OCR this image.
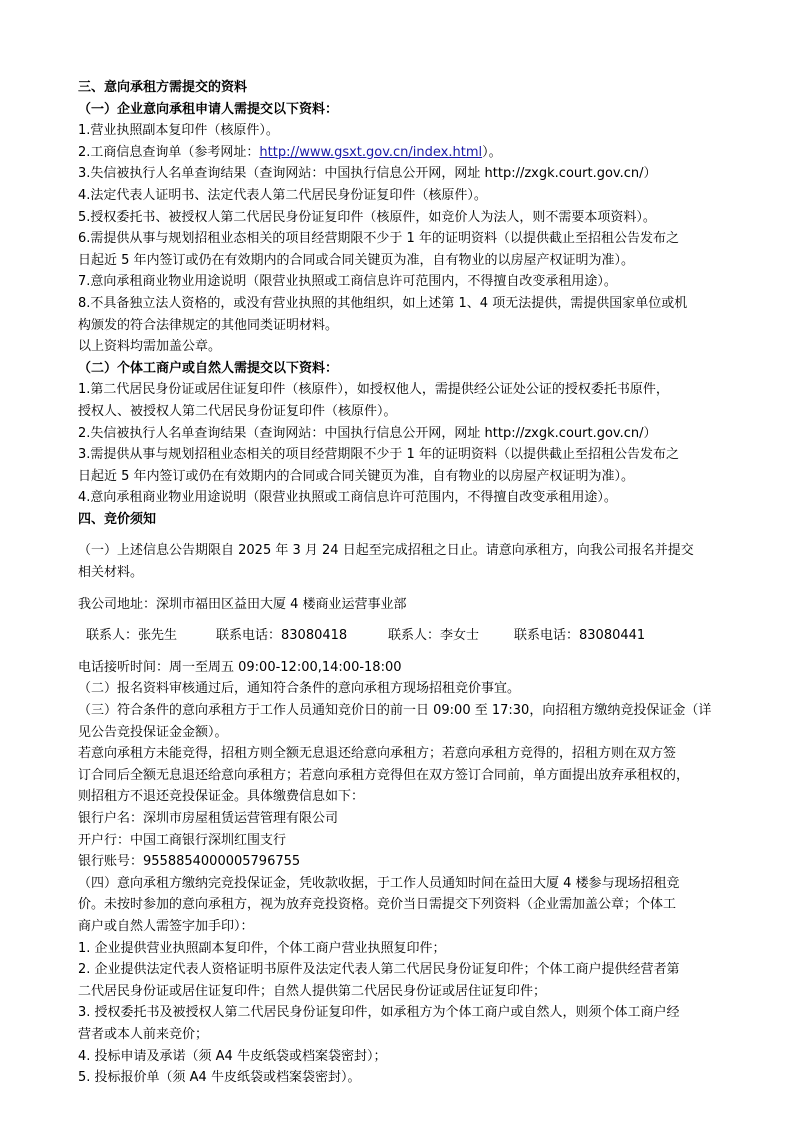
三、意向承租方需提交的资料
（一）企业意向承租申请人需提交以下资料：
1.营业执照副本复印件（核原件）。
2.工商信息查询单（参考网址：http://www.gsxt.gov.cn/index.html）。
3.失信被执行人名单查询结果（查询网站：中国执行信息公开网，网址 http://zxgk.court.gov.cn/）
4.法定代表人证明书、法定代表人第二代居民身份证复印件（核原件）。
5.授权委托书、被授权人第二代居民身份证复印件（核原件，如竞价人为法人，则不需要本项资料）。
6.需提供从事与规划招租业态相关的项目经营期限不少于 1 年的证明资料（以提供截止至招租公告发布之
日起近 5 年内签订或仍在有效期内的合同或合同关键页为准，自有物业的以房屋产权证明为准）。
7.意向承租商业物业用途说明（限营业执照或工商信息许可范围内，不得擅自改变承租用途）。
8.不具备独立法人资格的，或没有营业执照的其他组织，如上述第 1、4 项无法提供，需提供国家单位或机
构颁发的符合法律规定的其他同类证明材料。
以上资料均需加盖公章。
（二）个体工商户或自然人需提交以下资料：
1.第二代居民身份证或居住证复印件（核原件），如授权他人，需提供经公证处公证的授权委托书原件，
授权人、被授权人第二代居民身份证复印件（核原件）。
2.失信被执行人名单查询结果（查询网站：中国执行信息公开网，网址 http://zxgk.court.gov.cn/）
3.需提供从事与规划招租业态相关的项目经营期限不少于 1 年的证明资料（以提供截止至招租公告发布之
日起近 5 年内签订或仍在有效期内的合同或合同关键页为准，自有物业的以房屋产权证明为准）。
4.意向承租商业物业用途说明（限营业执照或工商信息许可范围内，不得擅自改变承租用途）。
四、竞价须知
（一）上述信息公告期限自 2025 年 3 月 24 日起至完成招租之日止。请意向承租方，向我公司报名并提交
相关材料。
我公司地址：深圳市福田区益田大厦 4 楼商业运营事业部
联系人：张先生	联系电话：83080418	联系人：李女士	联系电话：83080441
电话接听时间：周一至周五 09:00-12:00,14:00-18:00
（二）报名资料审核通过后，通知符合条件的意向承租方现场招租竞价事宜。
（三）符合条件的意向承租方于工作人员通知竞价日的前一日 09:00 至 17:30，向招租方缴纳竞投保证金（详
见公告竞投保证金金额）。
若意向承租方未能竞得，招租方则全额无息退还给意向承租方；若意向承租方竞得的，招租方则在双方签
订合同后全额无息退还给意向承租方；若意向承租方竞得但在双方签订合同前，单方面提出放弃承租权的，
则招租方不退还竞投保证金。具体缴费信息如下：
银行户名：深圳市房屋租赁运营管理有限公司
开户行：中国工商银行深圳红围支行
银行账号：9558854000005796755
（四）意向承租方缴纳完竞投保证金，凭收款收据，于工作人员通知时间在益田大厦 4 楼参与现场招租竞
价。未按时参加的意向承租方，视为放弃竞投资格。竞价当日需提交下列资料（企业需加盖公章；个体工
商户或自然人需签字加手印）：
1. 企业提供营业执照副本复印件，个体工商户营业执照复印件；
2. 企业提供法定代表人资格证明书原件及法定代表人第二代居民身份证复印件；个体工商户提供经营者第
二代居民身份证或居住证复印件；自然人提供第二代居民身份证或居住证复印件；
3. 授权委托书及被授权人第二代居民身份证复印件，如承租方为个体工商户或自然人，则须个体工商户经
营者或本人前来竞价；
4. 投标申请及承诺（须 A4 牛皮纸袋或档案袋密封）；
5. 投标报价单（须 A4 牛皮纸袋或档案袋密封）。
